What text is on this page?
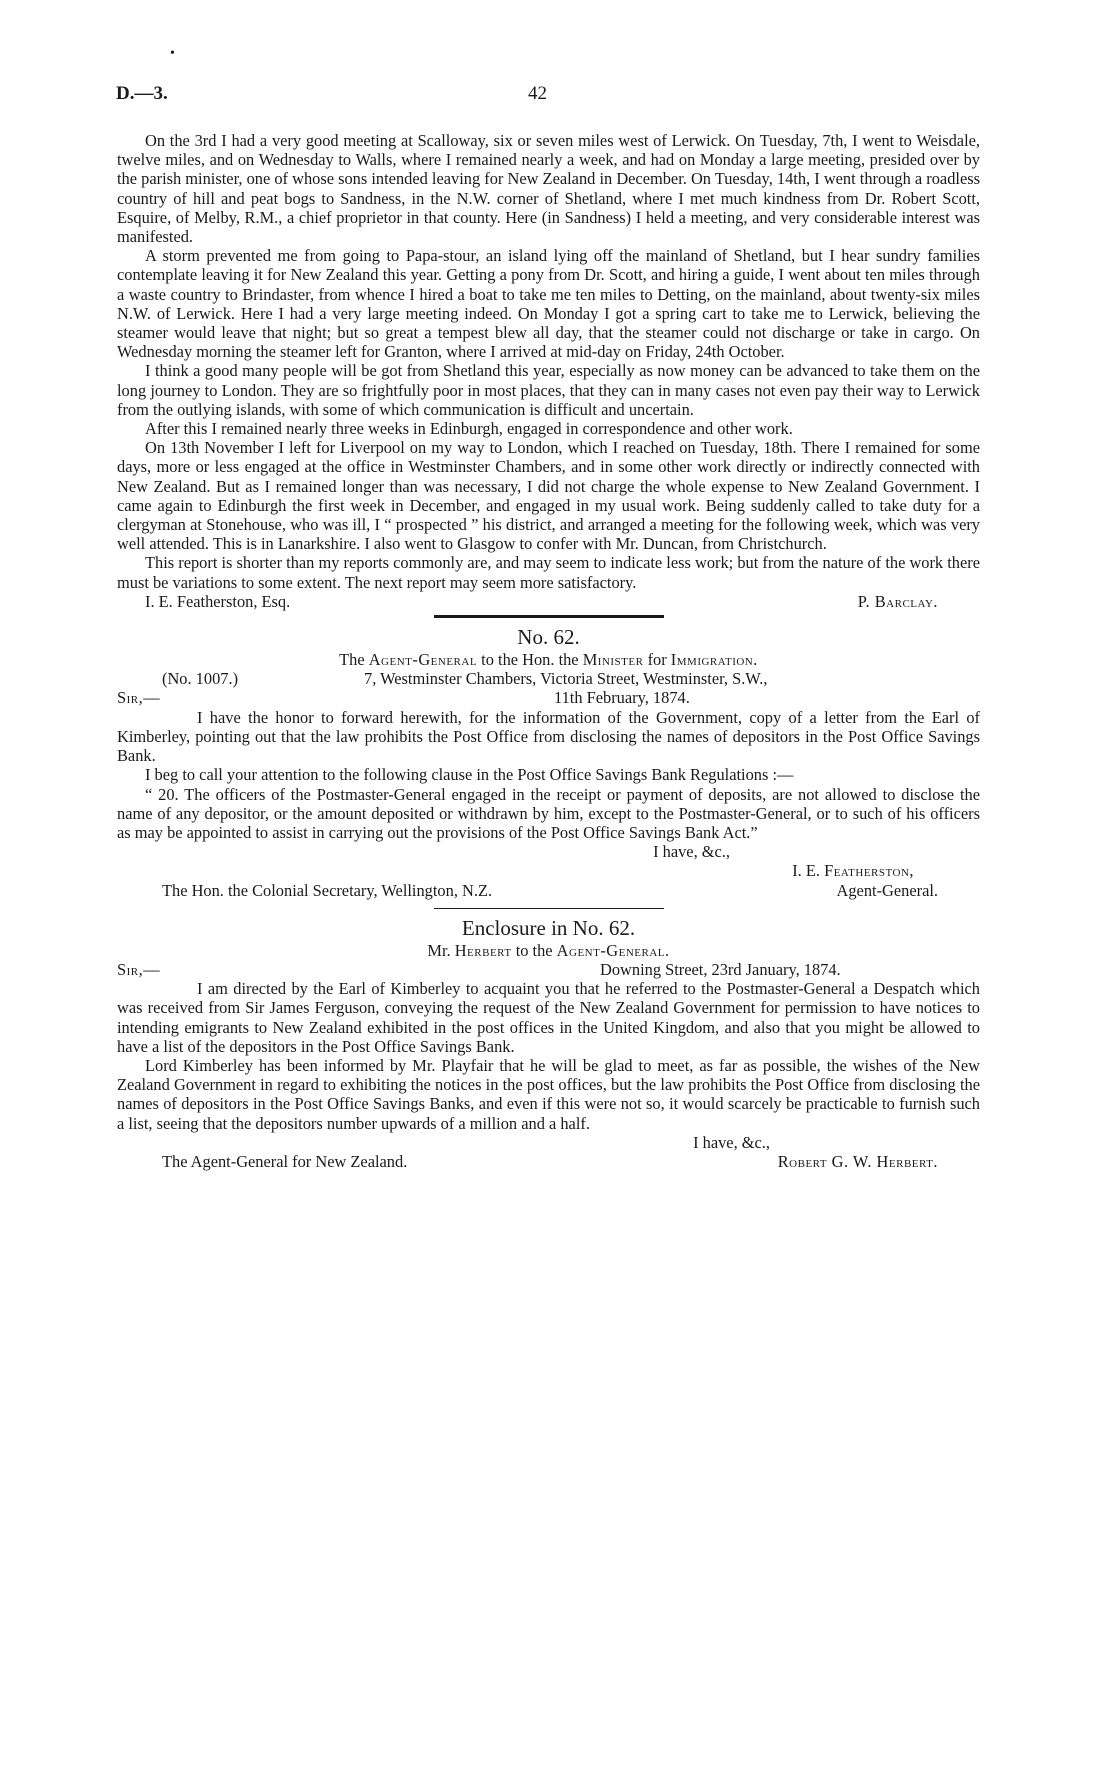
•
D.—3.	42

On the 3rd I had a very good meeting at Scalloway, six or seven miles west of Lerwick. On Tuesday, 7th, I went to Weisdale, twelve miles, and on Wednesday to Walls, where I remained nearly a week, and had on Monday a large meeting, presided over by the parish minister, one of whose sons intended leaving for New Zealand in December. On Tuesday, 14th, I went through a roadless country of hill and peat bogs to Sandness, in the N.W. corner of Shetland, where I met much kindness from Dr. Robert Scott, Esquire, of Melby, R.M., a chief proprietor in that county. Here (in Sandness) I held a meeting, and very considerable interest was manifested.

A storm prevented me from going to Papa-stour, an island lying off the mainland of Shetland, but I hear sundry families contemplate leaving it for New Zealand this year. Getting a pony from Dr. Scott, and hiring a guide, I went about ten miles through a waste country to Brindaster, from whence I hired a boat to take me ten miles to Detting, on the mainland, about twenty-six miles N.W. of Lerwick. Here I had a very large meeting indeed. On Monday I got a spring cart to take me to Lerwick, believing the steamer would leave that night; but so great a tempest blew all day, that the steamer could not discharge or take in cargo. On Wednesday morning the steamer left for Granton, where I arrived at mid-day on Friday, 24th October.

I think a good many people will be got from Shetland this year, especially as now money can be advanced to take them on the long journey to London. They are so frightfully poor in most places, that they can in many cases not even pay their way to Lerwick from the outlying islands, with some of which communication is difficult and uncertain.

After this I remained nearly three weeks in Edinburgh, engaged in correspondence and other work.

On 13th November I left for Liverpool on my way to London, which I reached on Tuesday, 18th. There I remained for some days, more or less engaged at the office in Westminster Chambers, and in some other work directly or indirectly connected with New Zealand. But as I remained longer than was necessary, I did not charge the whole expense to New Zealand Government. I came again to Edinburgh the first week in December, and engaged in my usual work. Being suddenly called to take duty for a clergyman at Stonehouse, who was ill, I “ prospected ” his district, and arranged a meeting for the following week, which was very well attended. This is in Lanarkshire. I also went to Glasgow to confer with Mr. Duncan, from Christchurch.

This report is shorter than my reports commonly are, and may seem to indicate less work; but from the nature of the work there must be variations to some extent. The next report may seem more satisfactory.

I. E. Featherston, Esq.	P. Barclay.

No. 62.

The Agent-General to the Hon. the Minister for Immigration.

(No. 1007.)	7, Westminster Chambers, Victoria Street, Westminster, S.W.,
Sir,—	11th February, 1874.

I have the honor to forward herewith, for the information of the Government, copy of a letter from the Earl of Kimberley, pointing out that the law prohibits the Post Office from disclosing the names of depositors in the Post Office Savings Bank.

I beg to call your attention to the following clause in the Post Office Savings Bank Regulations :—

“ 20. The officers of the Postmaster-General engaged in the receipt or payment of deposits, are not allowed to disclose the name of any depositor, or the amount deposited or withdrawn by him, except to the Postmaster-General, or to such of his officers as may be appointed to assist in carrying out the provisions of the Post Office Savings Bank Act.”

I have, &c.,

I. E. Featherston,

The Hon. the Colonial Secretary, Wellington, N.Z.	Agent-General.

Enclosure in No. 62.

Mr. Herbert to the Agent-General.

Sir,—	Downing Street, 23rd January, 1874.

I am directed by the Earl of Kimberley to acquaint you that he referred to the Postmaster-General a Despatch which was received from Sir James Ferguson, conveying the request of the New Zealand Government for permission to have notices to intending emigrants to New Zealand exhibited in the post offices in the United Kingdom, and also that you might be allowed to have a list of the depositors in the Post Office Savings Bank.

Lord Kimberley has been informed by Mr. Playfair that he will be glad to meet, as far as possible, the wishes of the New Zealand Government in regard to exhibiting the notices in the post offices, but the law prohibits the Post Office from disclosing the names of depositors in the Post Office Savings Banks, and even if this were not so, it would scarcely be practicable to furnish such a list, seeing that the depositors number upwards of a million and a half.

I have, &c.,

The Agent-General for New Zealand.	Robert G. W. Herbert.
